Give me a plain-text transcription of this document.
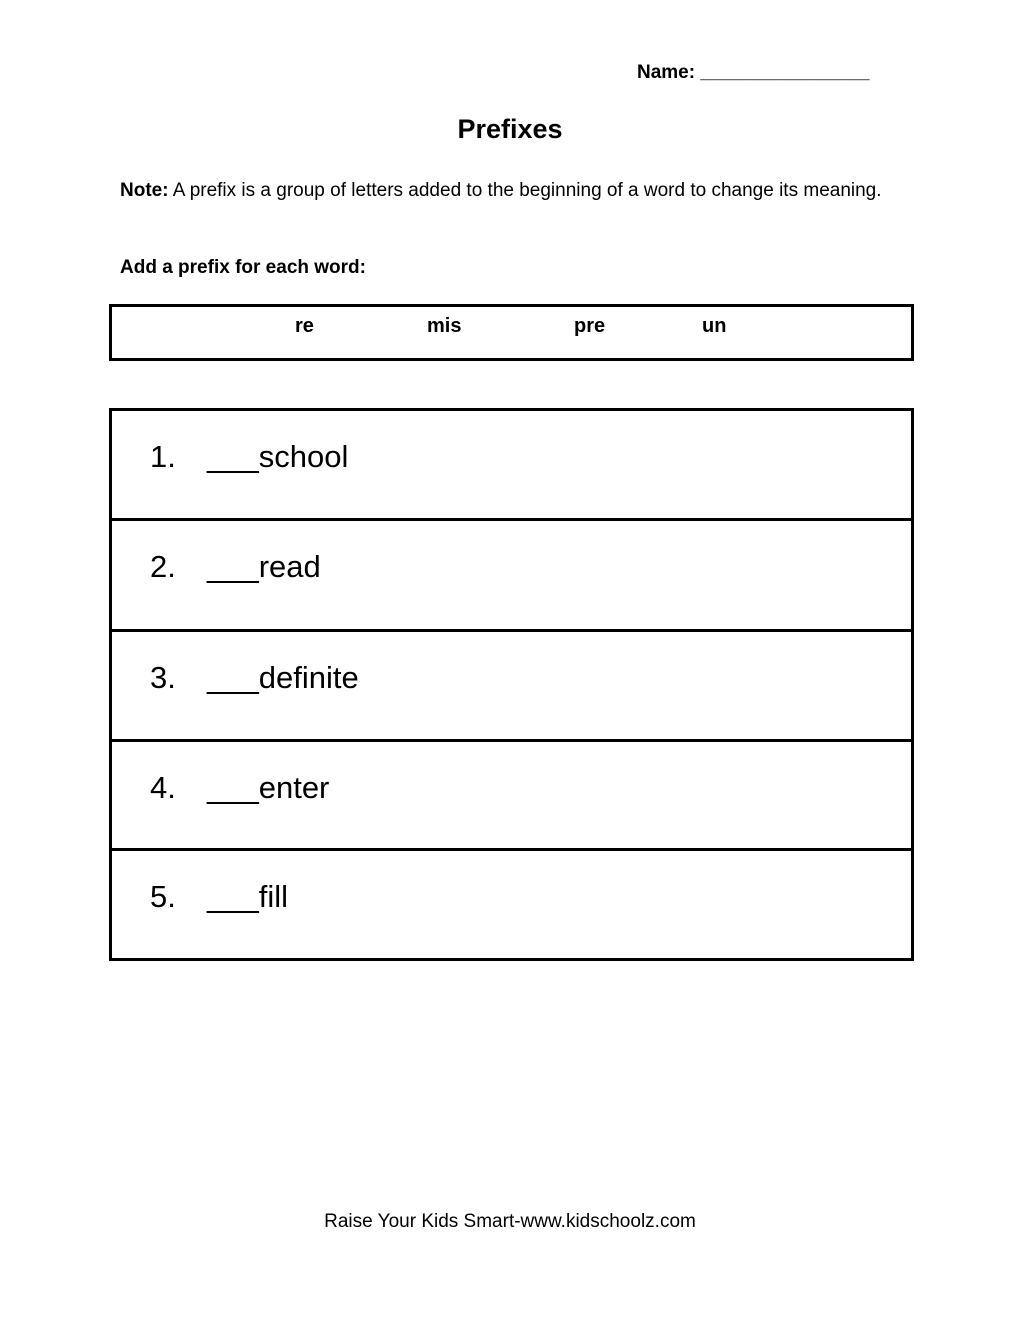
Name: ________________
Prefixes
Note: A prefix is a group of letters added to the beginning of a word to change its meaning.
Add a prefix for each word:
re	mis	pre	un
1. ___school
2. ___read
3. ___definite
4. ___enter
5. ___fill
Raise Your Kids Smart-www.kidschoolz.com
